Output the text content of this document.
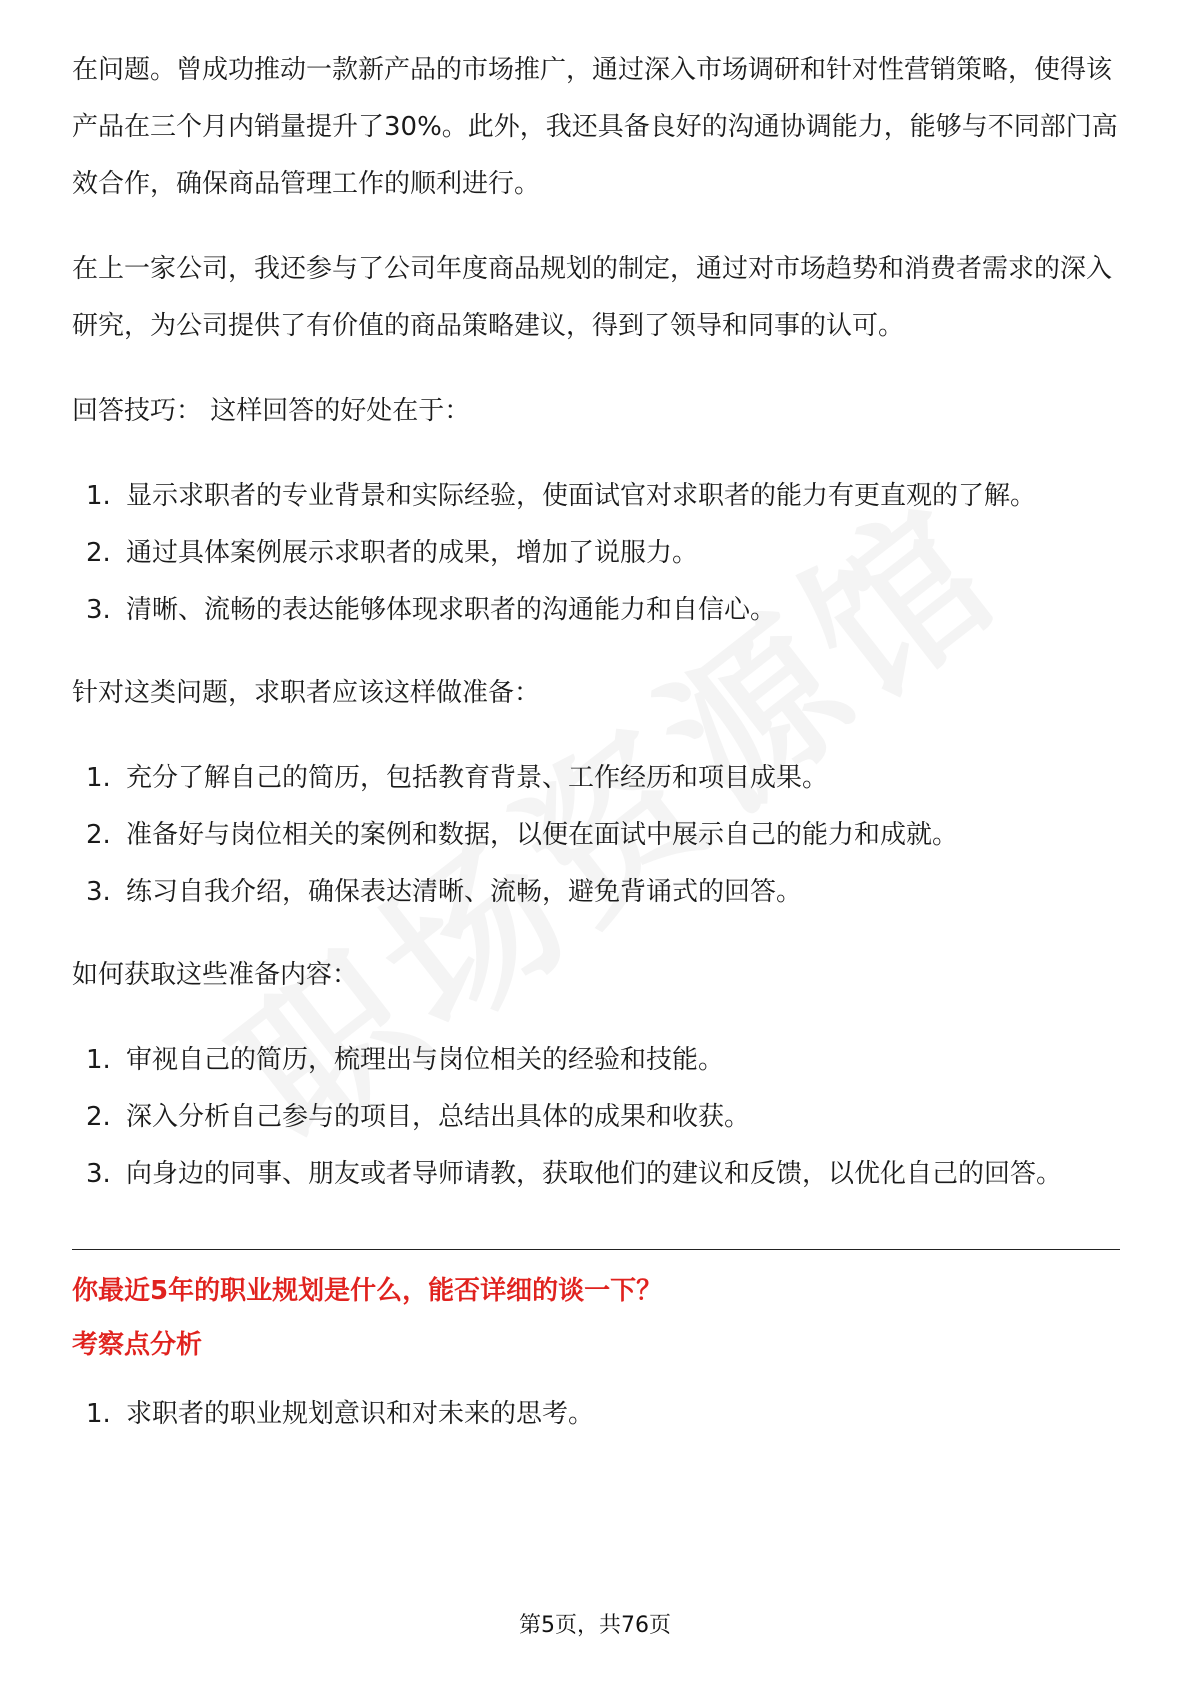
在问题。曾成功推动一款新产品的市场推广，通过深入市场调研和针对性营销策略，使得该产品在三个月内销量提升了30%。此外，我还具备良好的沟通协调能力，能够与不同部门高效合作，确保商品管理工作的顺利进行。

在上一家公司，我还参与了公司年度商品规划的制定，通过对市场趋势和消费者需求的深入研究，为公司提供了有价值的商品策略建议，得到了领导和同事的认可。

回答技巧： 这样回答的好处在于：

1. 显示求职者的专业背景和实际经验，使面试官对求职者的能力有更直观的了解。
2. 通过具体案例展示求职者的成果，增加了说服力。
3. 清晰、流畅的表达能够体现求职者的沟通能力和自信心。

针对这类问题，求职者应该这样做准备：

1. 充分了解自己的简历，包括教育背景、工作经历和项目成果。
2. 准备好与岗位相关的案例和数据，以便在面试中展示自己的能力和成就。
3. 练习自我介绍，确保表达清晰、流畅，避免背诵式的回答。

如何获取这些准备内容：

1. 审视自己的简历，梳理出与岗位相关的经验和技能。
2. 深入分析自己参与的项目，总结出具体的成果和收获。
3. 向身边的同事、朋友或者导师请教，获取他们的建议和反馈，以优化自己的回答。

你最近5年的职业规划是什么，能否详细的谈一下？

考察点分析

1. 求职者的职业规划意识和对未来的思考。
第5页，共76页
